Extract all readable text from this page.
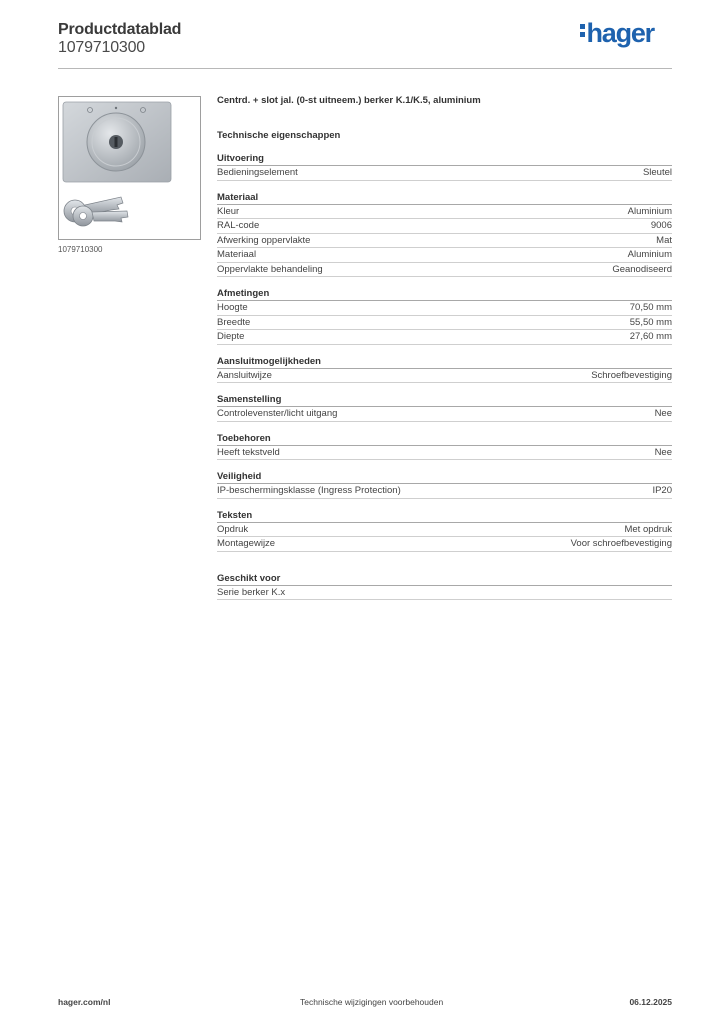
Productdatablad
1079710300	hager
1079710300
Centrd. + slot jal. (0-st uitneem.) berker K.1/K.5, aluminium
Technische eigenschappen
Uitvoering
Bedieningselement	Sleutel
Materiaal
Kleur	Aluminium
RAL-code	9006
Afwerking oppervlakte	Mat
Materiaal	Aluminium
Oppervlakte behandeling	Geanodiseerd
Afmetingen
Hoogte	70,50 mm
Breedte	55,50 mm
Diepte	27,60 mm
Aansluitmogelijkheden
Aansluitwijze	Schroefbevestiging
Samenstelling
Controlevenster/licht uitgang	Nee
Toebehoren
Heeft tekstveld	Nee
Veiligheid
IP-beschermingsklasse (Ingress Protection)	IP20
Teksten
Opdruk	Met opdruk
Montagewijze	Voor schroefbevestiging
Geschikt voor
Serie berker K.x
hager.com/nl	Technische wijzigingen voorbehouden	06.12.2025
